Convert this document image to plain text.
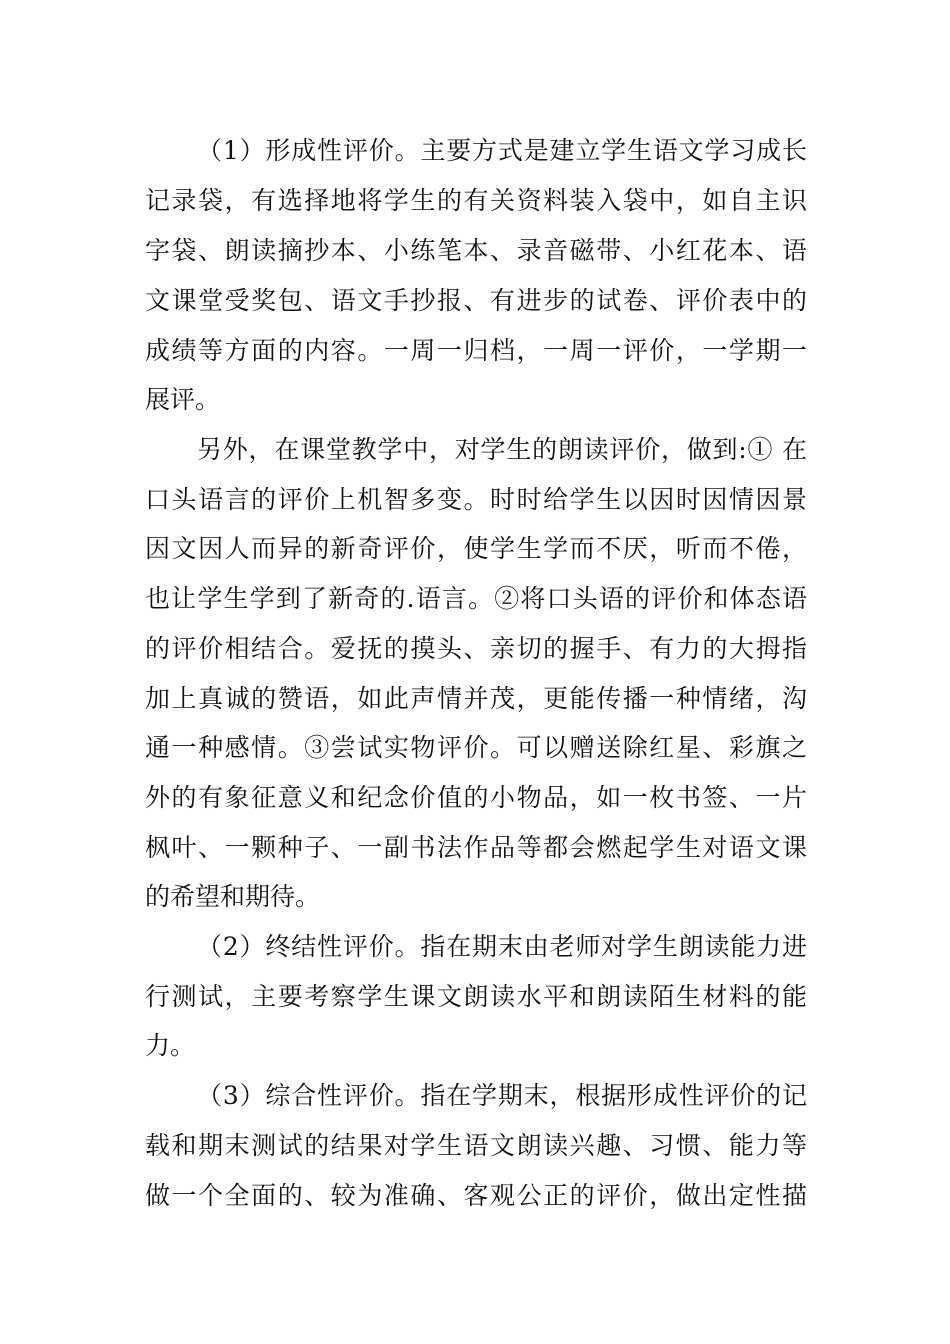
（1）形成性评价。主要方式是建立学生语文学习成长

记录袋，有选择地将学生的有关资料装入袋中，如自主识

字袋、朗读摘抄本、小练笔本、录音磁带、小红花本、语

文课堂受奖包、语文手抄报、有进步的试卷、评价表中的

成绩等方面的内容。一周一归档，一周一评价，一学期一

展评。

另外，在课堂教学中，对学生的朗读评价，做到:① 在

口头语言的评价上机智多变。时时给学生以因时因情因景

因文因人而异的新奇评价，使学生学而不厌，听而不倦，

也让学生学到了新奇的.语言。②将口头语的评价和体态语

的评价相结合。爱抚的摸头、亲切的握手、有力的大拇指

加上真诚的赞语，如此声情并茂，更能传播一种情绪，沟

通一种感情。③尝试实物评价。可以赠送除红星、彩旗之

外的有象征意义和纪念价值的小物品，如一枚书签、一片

枫叶、一颗种子、一副书法作品等都会燃起学生对语文课

的希望和期待。

（2）终结性评价。指在期末由老师对学生朗读能力进

行测试，主要考察学生课文朗读水平和朗读陌生材料的能

力。

（3）综合性评价。指在学期末，根据形成性评价的记

载和期末测试的结果对学生语文朗读兴趣、习惯、能力等

做一个全面的、较为准确、客观公正的评价，做出定性描
